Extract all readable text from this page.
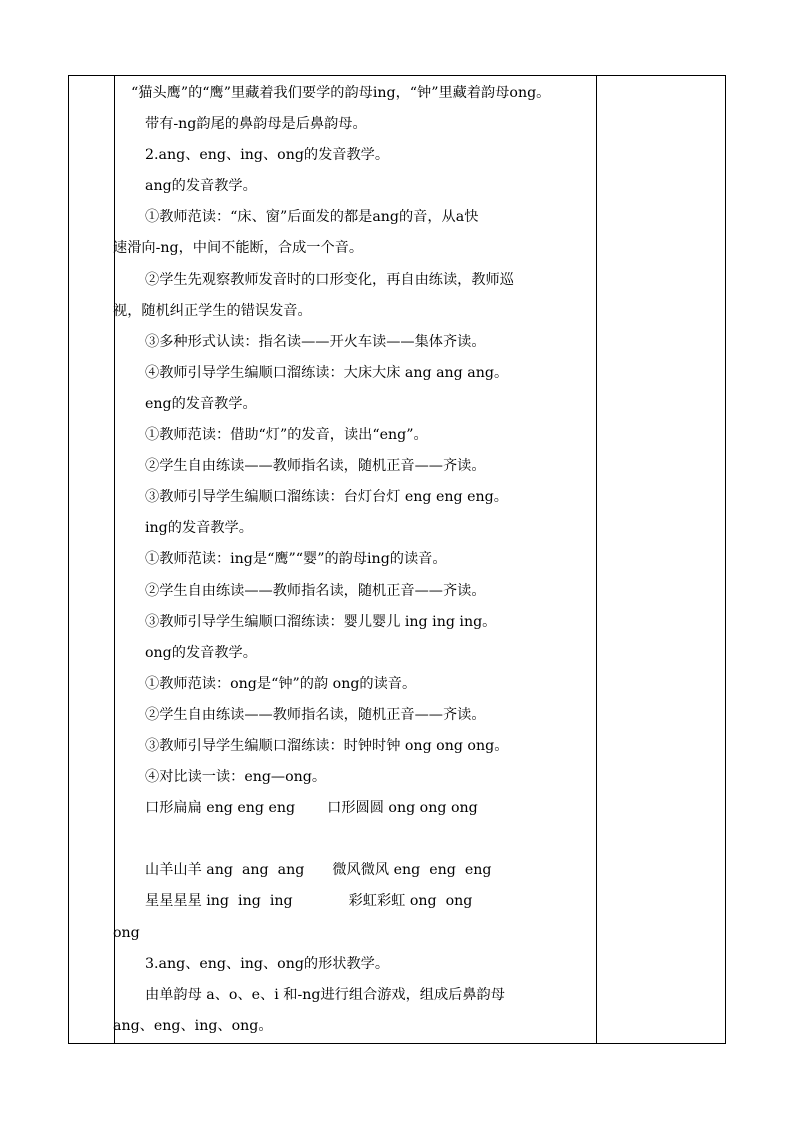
“猫头鹰”的“鹰”里藏着我们要学的韵母ing，“钟”里藏着韵母ong。
带有-ng韵尾的鼻韵母是后鼻韵母。
2.ang、eng、ing、ong的发音教学。
ang的发音教学。
①教师范读：“床、窗”后面发的都是ang的音，从a快
速滑向-ng，中间不能断，合成一个音。
②学生先观察教师发音时的口形变化，再自由练读，教师巡
视，随机纠正学生的错误发音。
③多种形式认读：指名读——开火车读——集体齐读。
④教师引导学生编顺口溜练读：大床大床 ang ang ang。
eng的发音教学。
①教师范读：借助“灯”的发音，读出“eng”。
②学生自由练读——教师指名读，随机正音——齐读。
③教师引导学生编顺口溜练读：台灯台灯 eng eng eng。
ing的发音教学。
①教师范读：ing是“鹰”“婴”的韵母ing的读音。
②学生自由练读——教师指名读，随机正音——齐读。
③教师引导学生编顺口溜练读：婴儿婴儿 ing ing ing。
ong的发音教学。
①教师范读：ong是“钟”的韵 ong的读音。
②学生自由练读——教师指名读，随机正音——齐读。
③教师引导学生编顺口溜练读：时钟时钟 ong ong ong。
④对比读一读：eng—ong。
口形扁扁 eng eng eng 口形圆圆 ong ong ong
山羊山羊 ang  ang  ang 微风微风 eng  eng  eng
星星星星 ing  ing  ing	彩虹彩虹 ong  ong
ong
3.ang、eng、ing、ong的形状教学。
由单韵母 a、o、e、i 和-ng进行组合游戏，组成后鼻韵母
ang、eng、ing、ong。
